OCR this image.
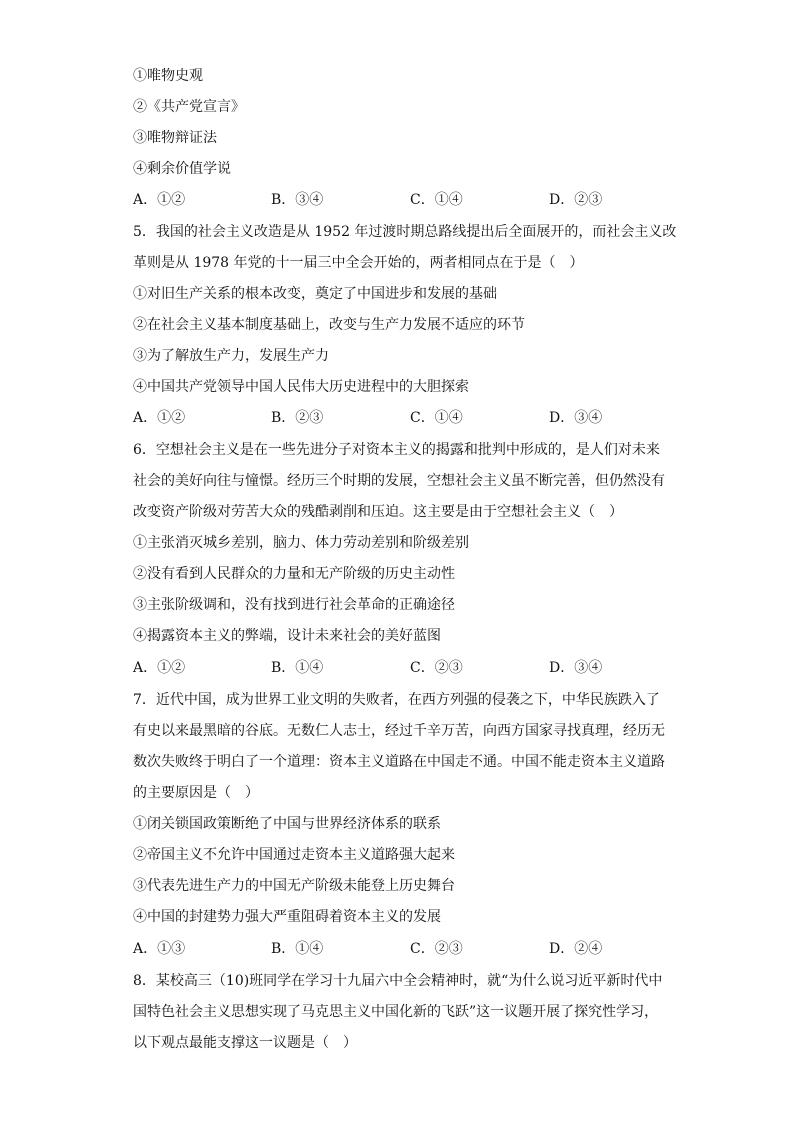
①唯物史观
②《共产党宣言》
③唯物辩证法
④剩余价值学说
A．①②	B．③④	C．①④	D．②③
5．我国的社会主义改造是从 1952 年过渡时期总路线提出后全面展开的，而社会主义改
革则是从 1978 年党的十一届三中全会开始的，两者相同点在于是（　）
①对旧生产关系的根本改变，奠定了中国进步和发展的基础
②在社会主义基本制度基础上，改变与生产力发展不适应的环节
③为了解放生产力，发展生产力
④中国共产党领导中国人民伟大历史进程中的大胆探索
A．①②	B．②③	C．①④	D．③④
6．空想社会主义是在一些先进分子对资本主义的揭露和批判中形成的，是人们对未来
社会的美好向往与憧憬。经历三个时期的发展，空想社会主义虽不断完善，但仍然没有
改变资产阶级对劳苦大众的残酷剥削和压迫。这主要是由于空想社会主义（　）
①主张消灭城乡差别，脑力、体力劳动差别和阶级差别
②没有看到人民群众的力量和无产阶级的历史主动性
③主张阶级调和，没有找到进行社会革命的正确途径
④揭露资本主义的弊端，设计未来社会的美好蓝图
A．①②	B．①④	C．②③	D．③④
7．近代中国，成为世界工业文明的失败者，在西方列强的侵袭之下，中华民族跌入了
有史以来最黑暗的谷底。无数仁人志士，经过千辛万苦，向西方国家寻找真理，经历无
数次失败终于明白了一个道理：资本主义道路在中国走不通。中国不能走资本主义道路
的主要原因是（　）
①闭关锁国政策断绝了中国与世界经济体系的联系
②帝国主义不允许中国通过走资本主义道路强大起来
③代表先进生产力的中国无产阶级未能登上历史舞台
④中国的封建势力强大严重阻碍着资本主义的发展
A．①③	B．①④	C．②③	D．②④
8．某校高三（10)班同学在学习十九届六中全会精神时，就“为什么说习近平新时代中
国特色社会主义思想实现了马克思主义中国化新的飞跃”这一议题开展了探究性学习，
以下观点最能支撑这一议题是（　）
